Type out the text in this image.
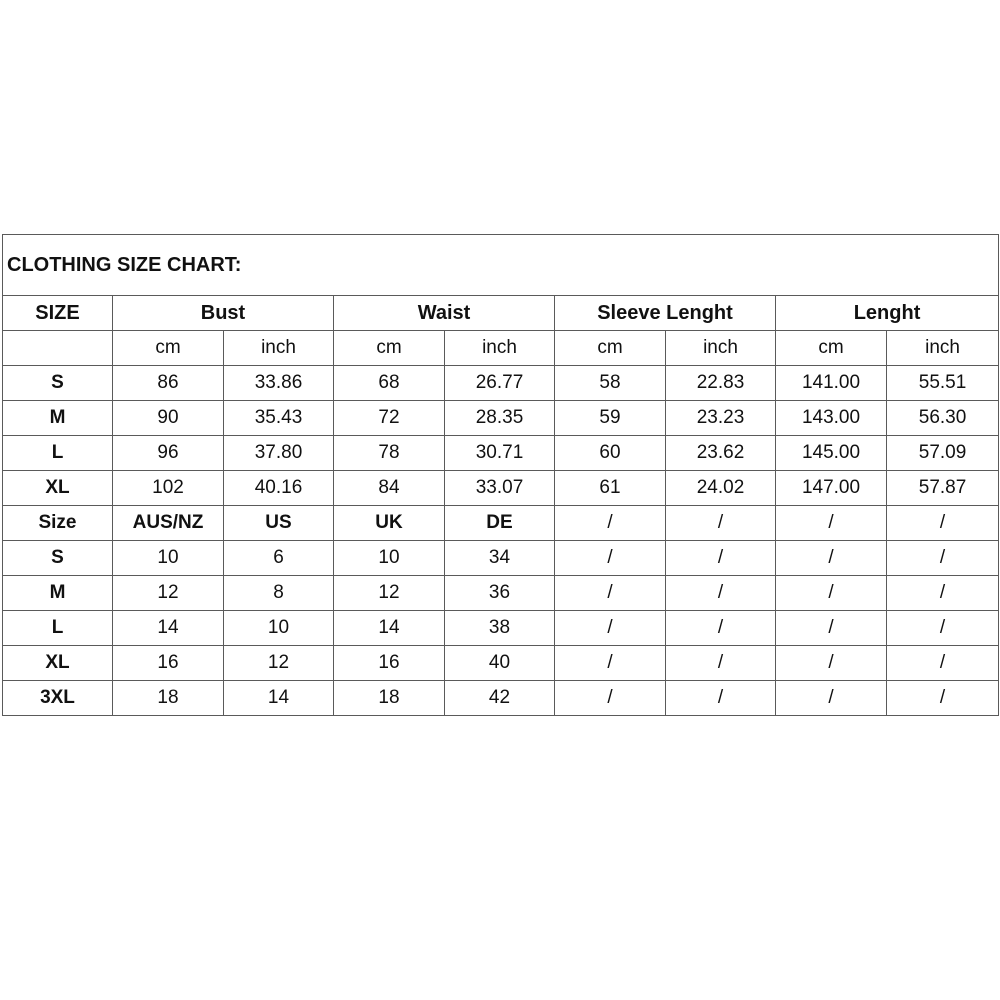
CLOTHING SIZE CHART:								
SIZE	Bust		Waist		Sleeve Lenght		Lenght	
	cm	inch	cm	inch	cm	inch	cm	inch
S	86	33.86	68	26.77	58	22.83	141.00	55.51
M	90	35.43	72	28.35	59	23.23	143.00	56.30
L	96	37.80	78	30.71	60	23.62	145.00	57.09
XL	102	40.16	84	33.07	61	24.02	147.00	57.87
Size	AUS/NZ	US	UK	DE	/	/	/	/
S	10	6	10	34	/	/	/	/
M	12	8	12	36	/	/	/	/
L	14	10	14	38	/	/	/	/
XL	16	12	16	40	/	/	/	/
3XL	18	14	18	42	/	/	/	/
